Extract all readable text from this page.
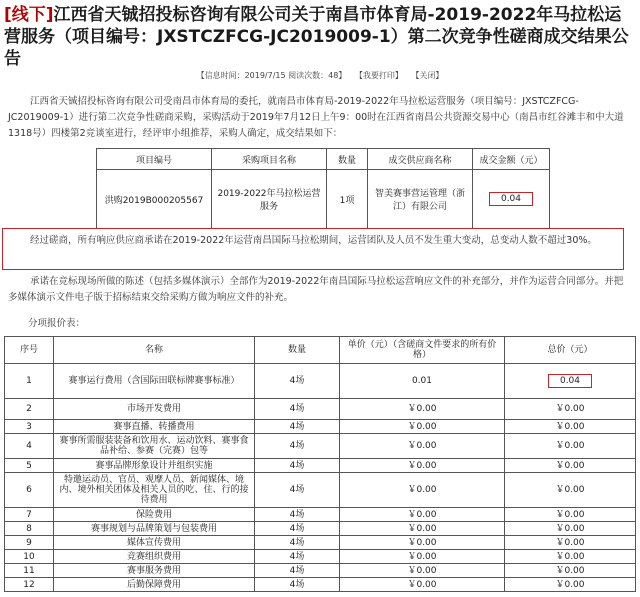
[线下]江西省天铖招投标咨询有限公司关于南昌市体育局-2019-2022年马拉松运营服务（项目编号：JXSTCZFCG-JC2019009-1）第二次竞争性磋商成交结果公告
【信息时间：2019/7/15 阅读次数：48】 【我要打印】 【关闭】
江西省天铖招投标咨询有限公司受南昌市体育局的委托，就南昌市体育局-2019-2022年马拉松运营服务（项目编号：JXSTCZFCG-JC2019009-1）进行第二次竞争性磋商采购，采购活动于2019年7月12日上午9：00时在江西省南昌公共资源交易中心（南昌市红谷滩丰和中大道1318号）四楼第2竞谈室进行，经评审小组推荐，采购人确定，成交结果如下：
项目编号	采购项目名称	数量	成交供应商名称	成交金额（元）
洪购2019B000205567	2019-2022年马拉松运营服务	1项	智美赛事营运管理（浙江）有限公司	0.04
经过磋商，所有响应供应商承诺在2019-2022年运营南昌国际马拉松期间，运营团队及人员不发生重大变动，总变动人数不超过30%。
承诺在竞标现场所做的陈述（包括多媒体演示）全部作为2019-2022年南昌国际马拉松运营响应文件的补充部分，并作为运营合同部分。并把多媒体演示文件电子版于招标结束交给采购方做为响应文件的补充。
分项报价表：
序号	名称	数量	单价（元）（含磋商文件要求的所有价格）	总价（元）
1	赛事运行费用（含国际田联标牌赛事标准）	4场	0.01	0.04
2	市场开发费用	4场	￥0.00	￥0.00
3	赛事直播、转播费用	4场	￥0.00	￥0.00
4	赛事所需服装装备和饮用水、运动饮料、赛事食品补给、参赛（完赛）包等	4场	￥0.00	￥0.00
5	赛事品牌形象设计并组织实施	4场	￥0.00	￥0.00
6	特邀运动员、官员、观摩人员、新闻媒体、境内、境外相关团体及相关人员的吃、住、行的接待费用	4场	￥0.00	￥0.00
7	保险费用	4场	￥0.00	￥0.00
8	赛事规划与品牌策划与包装费用	4场	￥0.00	￥0.00
9	媒体宣传费用	4场	￥0.00	￥0.00
10	竞赛组织费用	4场	￥0.00	￥0.00
11	赛事服务费用	4场	￥0.00	￥0.00
12	后勤保障费用	4场	￥0.00	￥0.00
